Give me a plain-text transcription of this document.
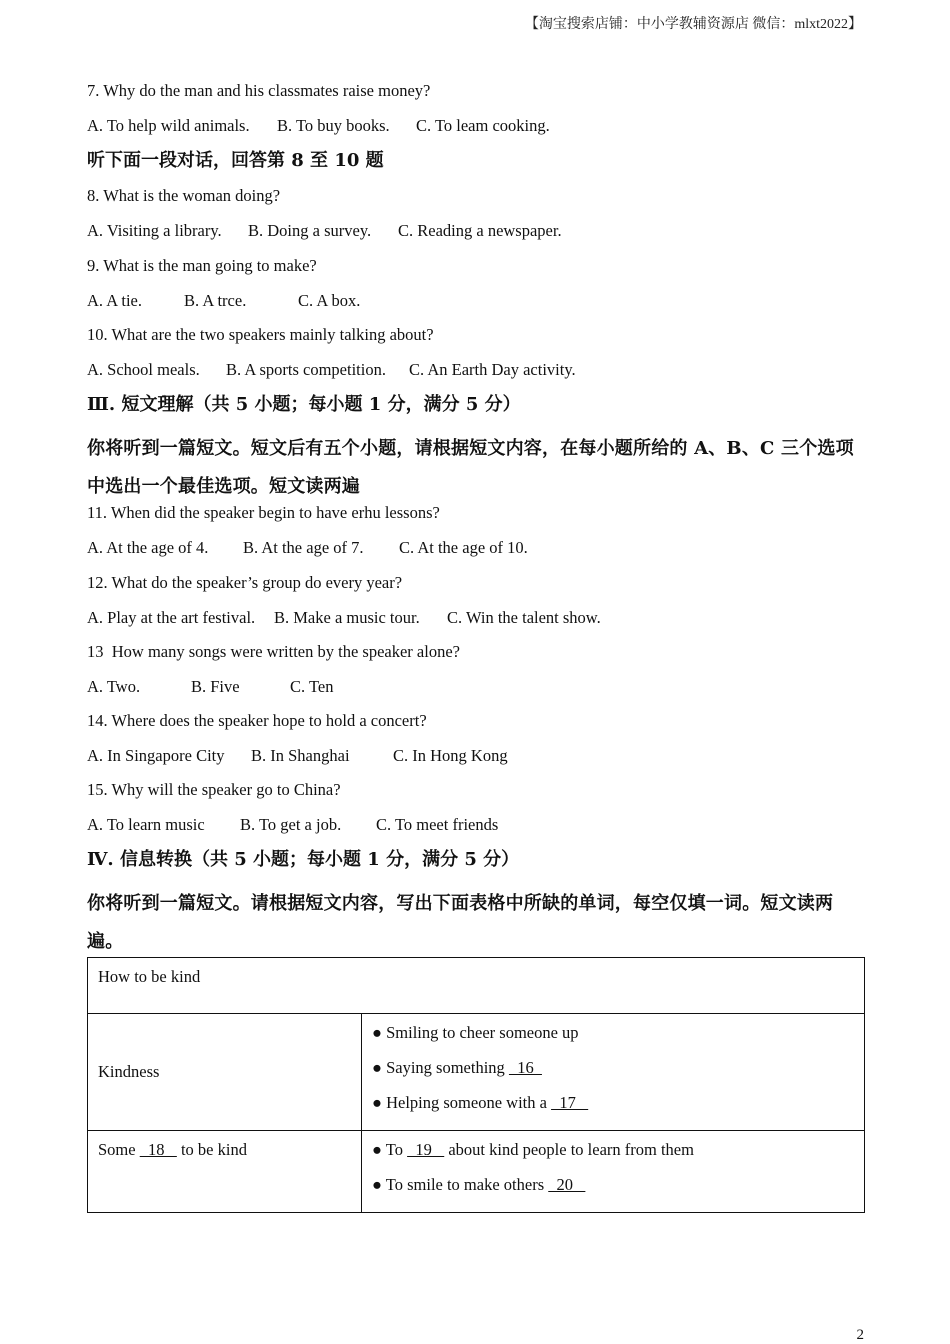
【淘宝搜索店铺：中小学教辅资源店 微信：mlxt2022】
7. Why do the man and his classmates raise money?
A. To help wild animals. B. To buy books. C. To leam cooking.
听下面一段对话，回答第 8 至 10 题
8. What is the woman doing?
A. Visiting a library. B. Doing a survey. C. Reading a newspaper.
9. What is the man going to make?
A. A tie.	B. A trce.	C. A box.
10. What are the two speakers mainly talking about?
A. School meals. B. A sports competition. C. An Earth Day activity.
Ⅲ. 短文理解（共 5 小题；每小题 1 分，满分 5 分）
你将听到一篇短文。短文后有五个小题，请根据短文内容，在每小题所给的 A、B、C 三个选项中选出一个最佳选项。短文读两遍
11. When did the speaker begin to have erhu lessons?
A. At the age of 4. B. At the age of 7. C. At the age of 10.
12. What do the speaker’s group do every year?
A. Play at the art festival. B. Make a music tour. C. Win the talent show.
13  How many songs were written by the speaker alone?
A. Two.	B. Five	C. Ten
14. Where does the speaker hope to hold a concert?
A. In Singapore City B. In Shanghai	C. In Hong Kong
15. Why will the speaker go to China?
A. To learn music B. To get a job. C. To meet friends
Ⅳ. 信息转换（共 5 小题；每小题 1 分，满分 5 分）
你将听到一篇短文。请根据短文内容，写出下面表格中所缺的单词，每空仅填一词。短文读两遍。
How to be kind	
Kindness	● Smiling to cheer someone up
● Saying something   16
● Helping someone with a   17

Some   18    to be kind	● To   19    about kind people to learn from them
● To smile to make others   20
2
